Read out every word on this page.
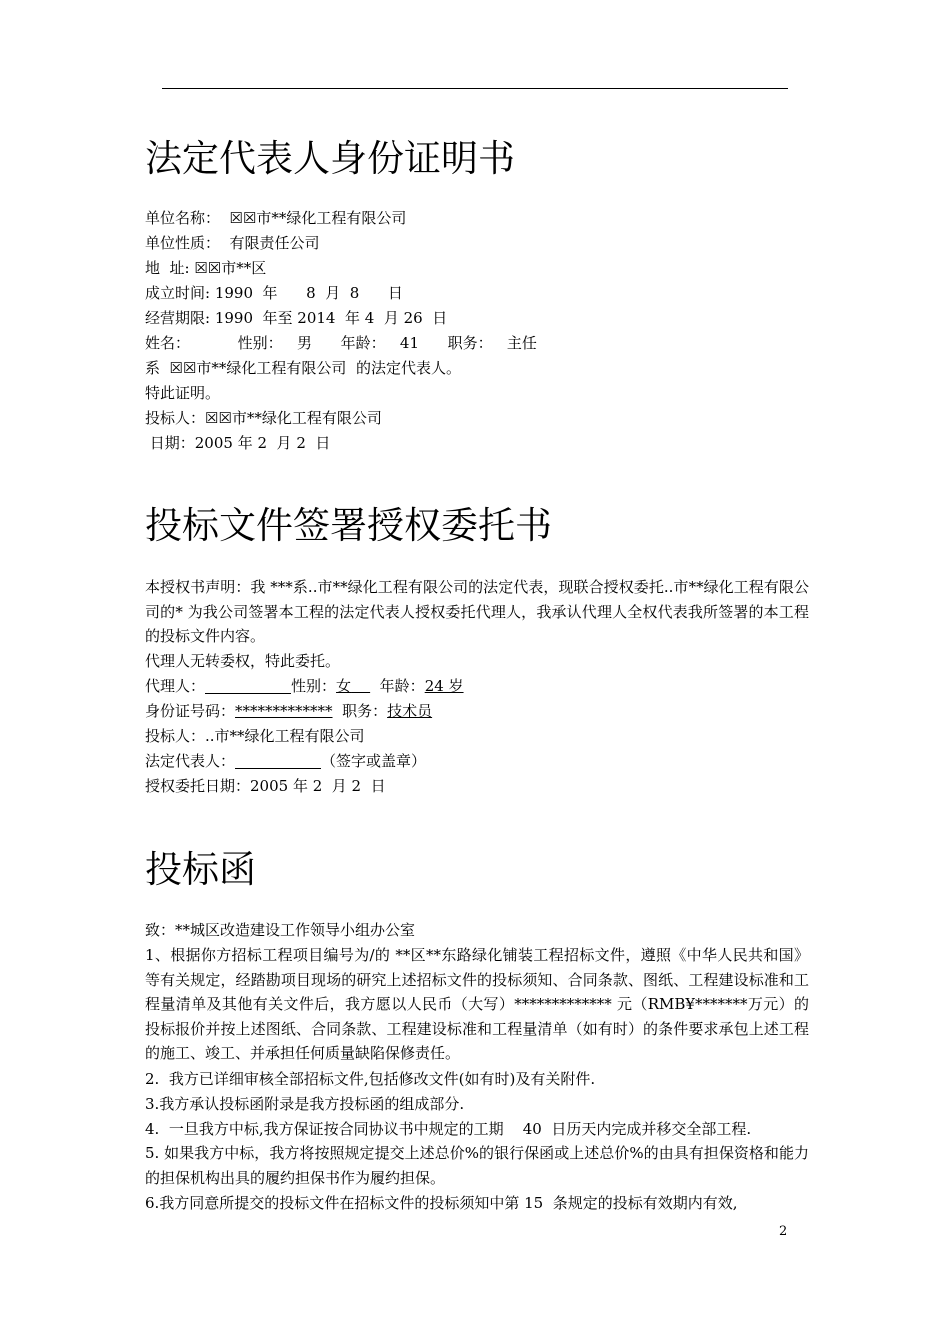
法定代表人身份证明书
单位名称：  ☒☒市**绿化工程有限公司
单位性质：  有限责任公司
地  址: ☒☒市**区
成立时间: 1990  年      8  月  8      日
经营期限: 1990  年至 2014  年 4  月 26  日
姓名：          性别：   男      年龄：   41      职务：   主任
系  ☒☒市**绿化工程有限公司  的法定代表人。
特此证明。
投标人：☒☒市**绿化工程有限公司
日期：2005 年 2  月 2  日
投标文件签署授权委托书
本授权书声明：我 ***系..市**绿化工程有限公司的法定代表，现联合授权委托..市**绿化工程有限公司的* 为我公司签署本工程的法定代表人授权委托代理人，我承认代理人全权代表我所签署的本工程的投标文件内容。
代理人无转委权，特此委托。
代理人：	性别：女 年龄：24 岁
身份证号码：************* 职务：技术员
投标人：..市**绿化工程有限公司
法定代表人：	（签字或盖章）
授权委托日期：2005 年 2  月 2  日
投标函
致：**城区改造建设工作领导小组办公室
1、根据你方招标工程项目编号为/的 **区**东路绿化铺装工程招标文件，遵照《中华人民共和国》等有关规定，经踏勘项目现场的研究上述招标文件的投标须知、合同条款、图纸、工程建设标准和工程量清单及其他有关文件后，我方愿以人民币（大写）************* 元（RMB¥*******万元）的投标报价并按上述图纸、合同条款、工程建设标准和工程量清单（如有时）的条件要求承包上述工程的施工、竣工、并承担任何质量缺陷保修责任。
2.  我方已详细审核全部招标文件,包括修改文件(如有时)及有关附件.
3.我方承认投标函附录是我方投标函的组成部分.
4.  一旦我方中标,我方保证按合同协议书中规定的工期    40  日历天内完成并移交全部工程.
5. 如果我方中标，我方将按照规定提交上述总价%的银行保函或上述总价%的由具有担保资格和能力的担保机构出具的履约担保书作为履约担保。
6.我方同意所提交的投标文件在招标文件的投标须知中第 15  条规定的投标有效期内有效,
2
